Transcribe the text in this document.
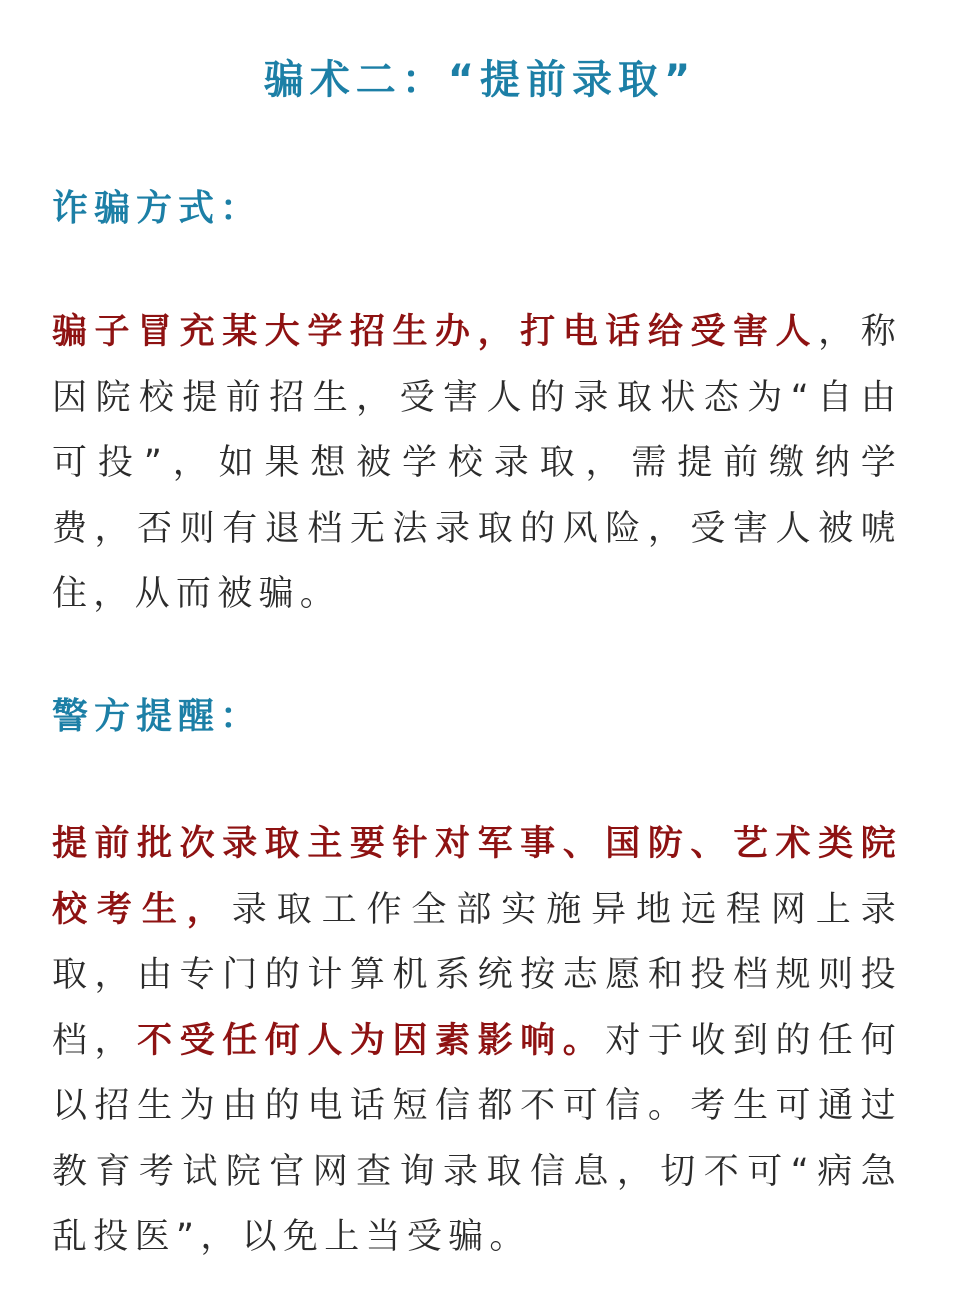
骗术二：“提前录取”
诈骗方式：
骗子冒充某大学招生办，打电话给受害人，称因院校提前招生，受害人的录取状态为“自由可投”，如果想被学校录取，需提前缴纳学费，否则有退档无法录取的风险，受害人被唬住，从而被骗。
警方提醒：
提前批次录取主要针对军事、国防、艺术类院校考生，录取工作全部实施异地远程网上录取，由专门的计算机系统按志愿和投档规则投档，不受任何人为因素影响。对于收到的任何以招生为由的电话短信都不可信。考生可通过教育考试院官网查询录取信息，切不可“病急乱投医”，以免上当受骗。
